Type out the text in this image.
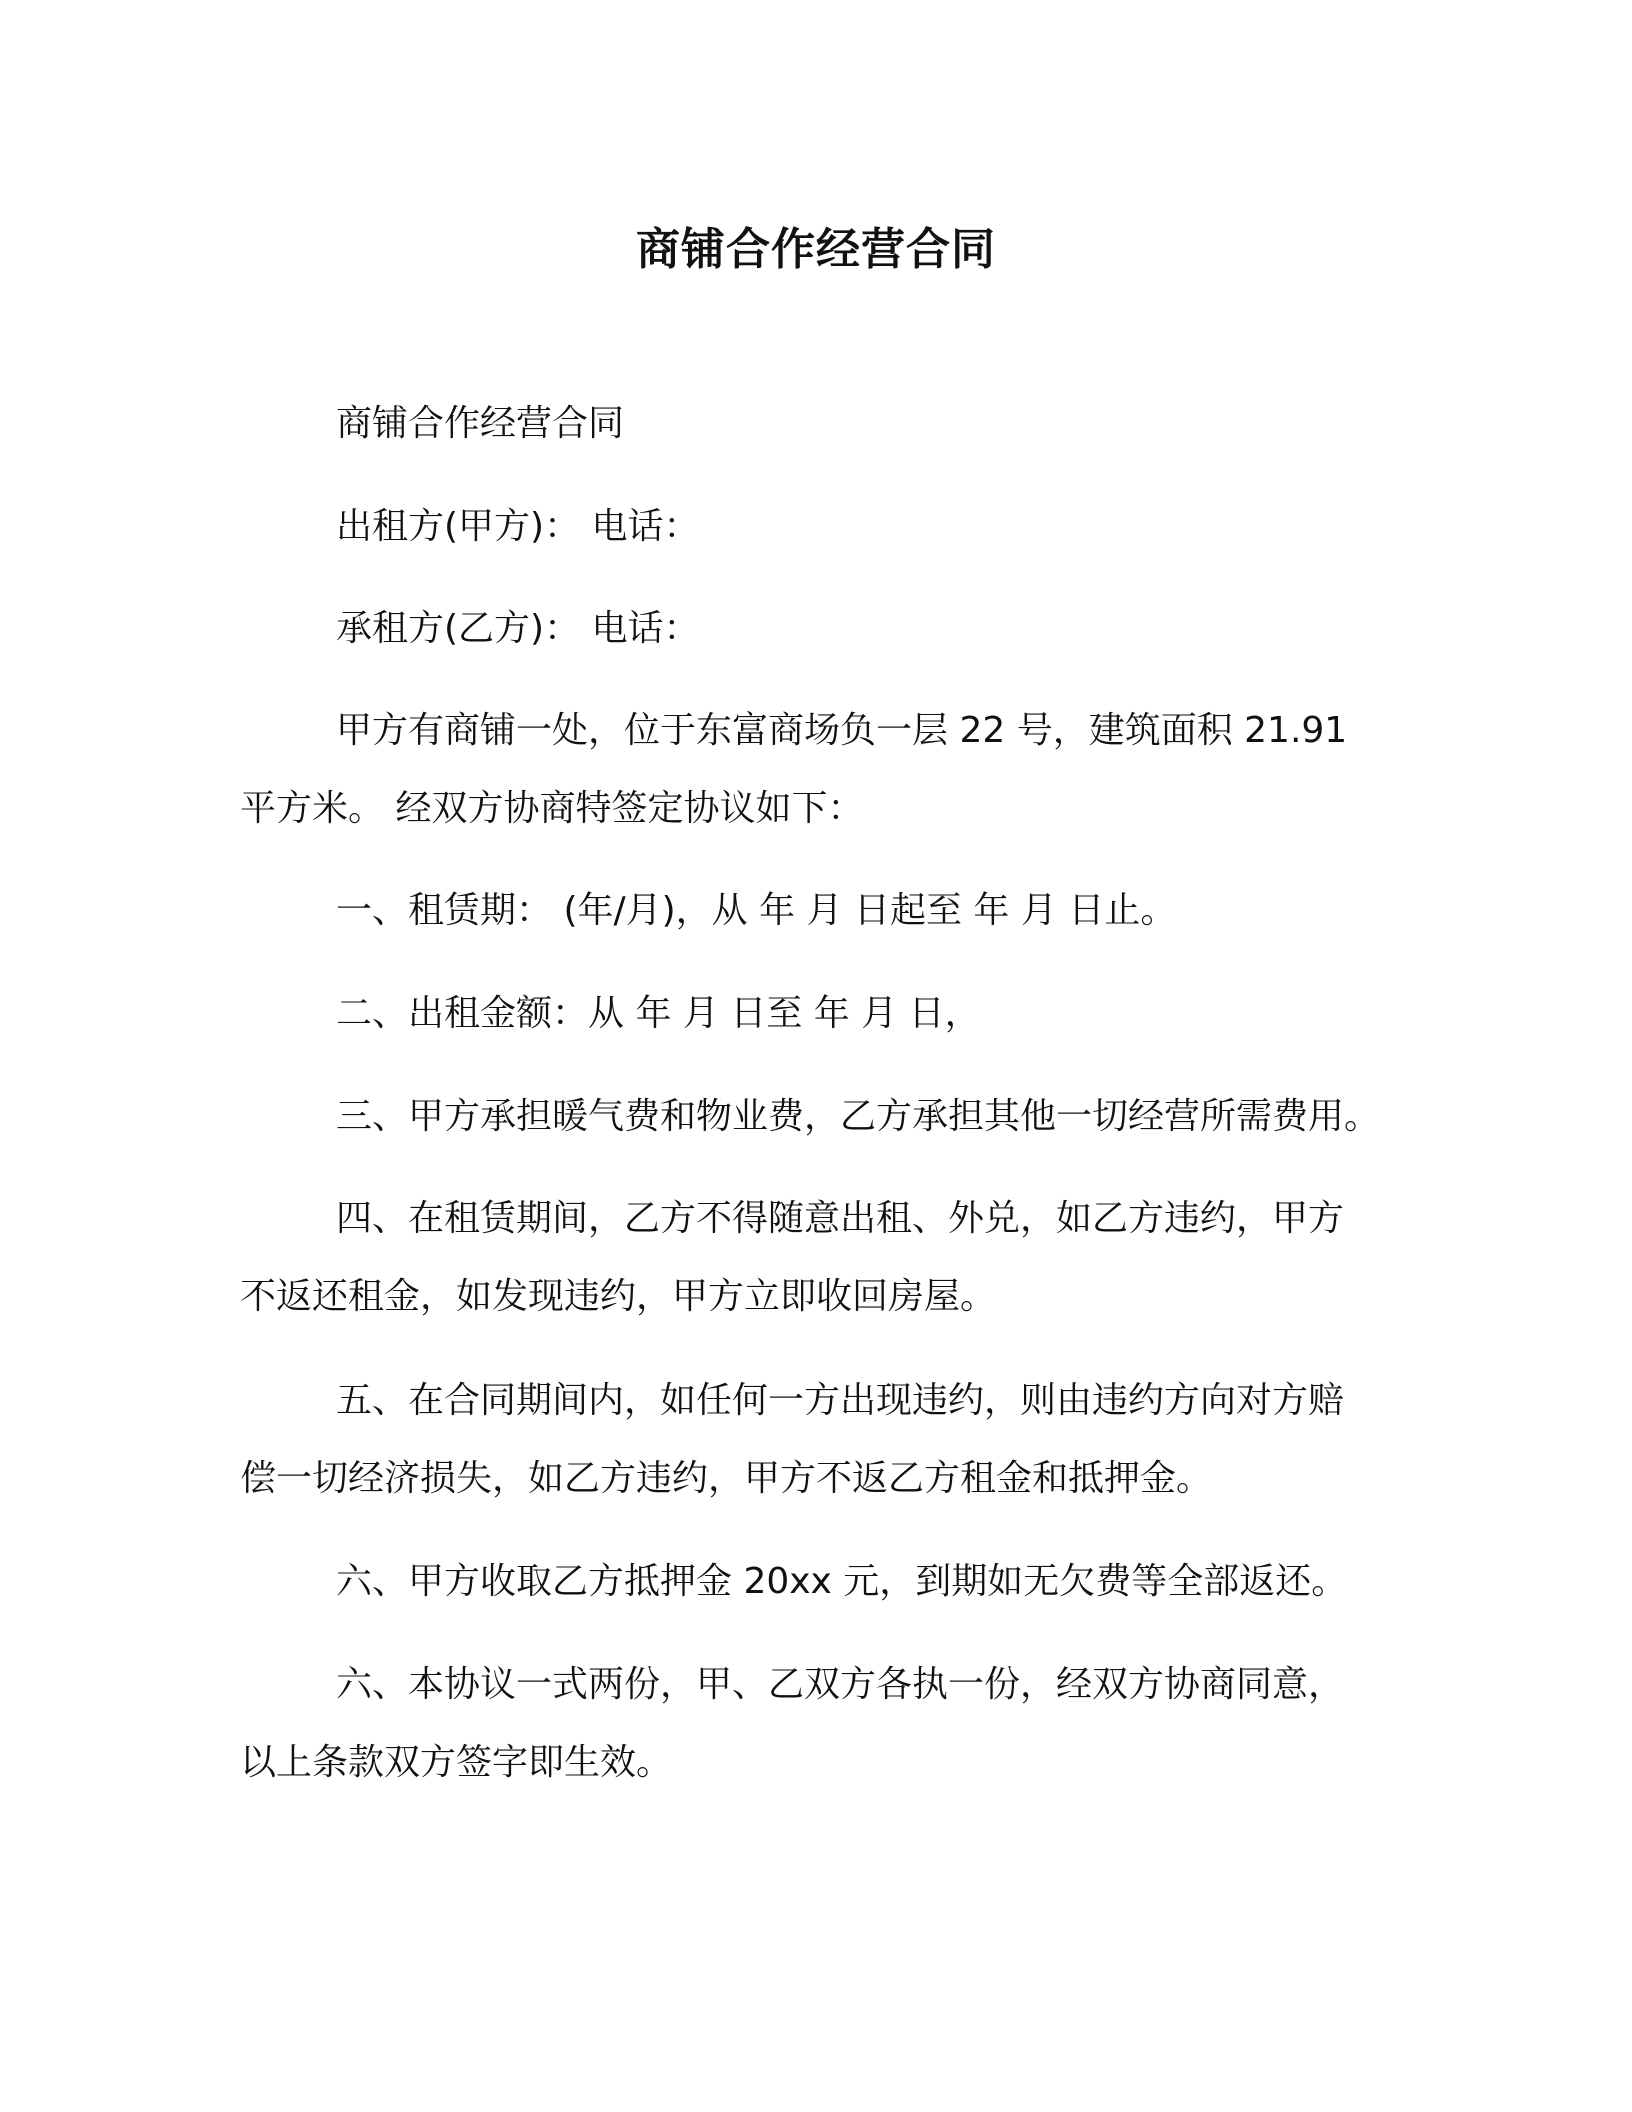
商铺合作经营合同
商铺合作经营合同
出租方(甲方)： 电话：
承租方(乙方)： 电话：
甲方有商铺一处，位于东富商场负一层 22 号，建筑面积 21.91
平方米。 经双方协商特签定协议如下：
一、租赁期： (年/月)，从 年 月 日起至 年 月 日止。
二、出租金额：从 年 月 日至 年 月 日，
三、甲方承担暖气费和物业费，乙方承担其他一切经营所需费用。
四、在租赁期间，乙方不得随意出租、外兑，如乙方违约，甲方
不返还租金，如发现违约，甲方立即收回房屋。
五、在合同期间内，如任何一方出现违约，则由违约方向对方赔
偿一切经济损失，如乙方违约，甲方不返乙方租金和抵押金。
六、甲方收取乙方抵押金 20xx 元，到期如无欠费等全部返还。
六、本协议一式两份，甲、乙双方各执一份，经双方协商同意，
以上条款双方签字即生效。
